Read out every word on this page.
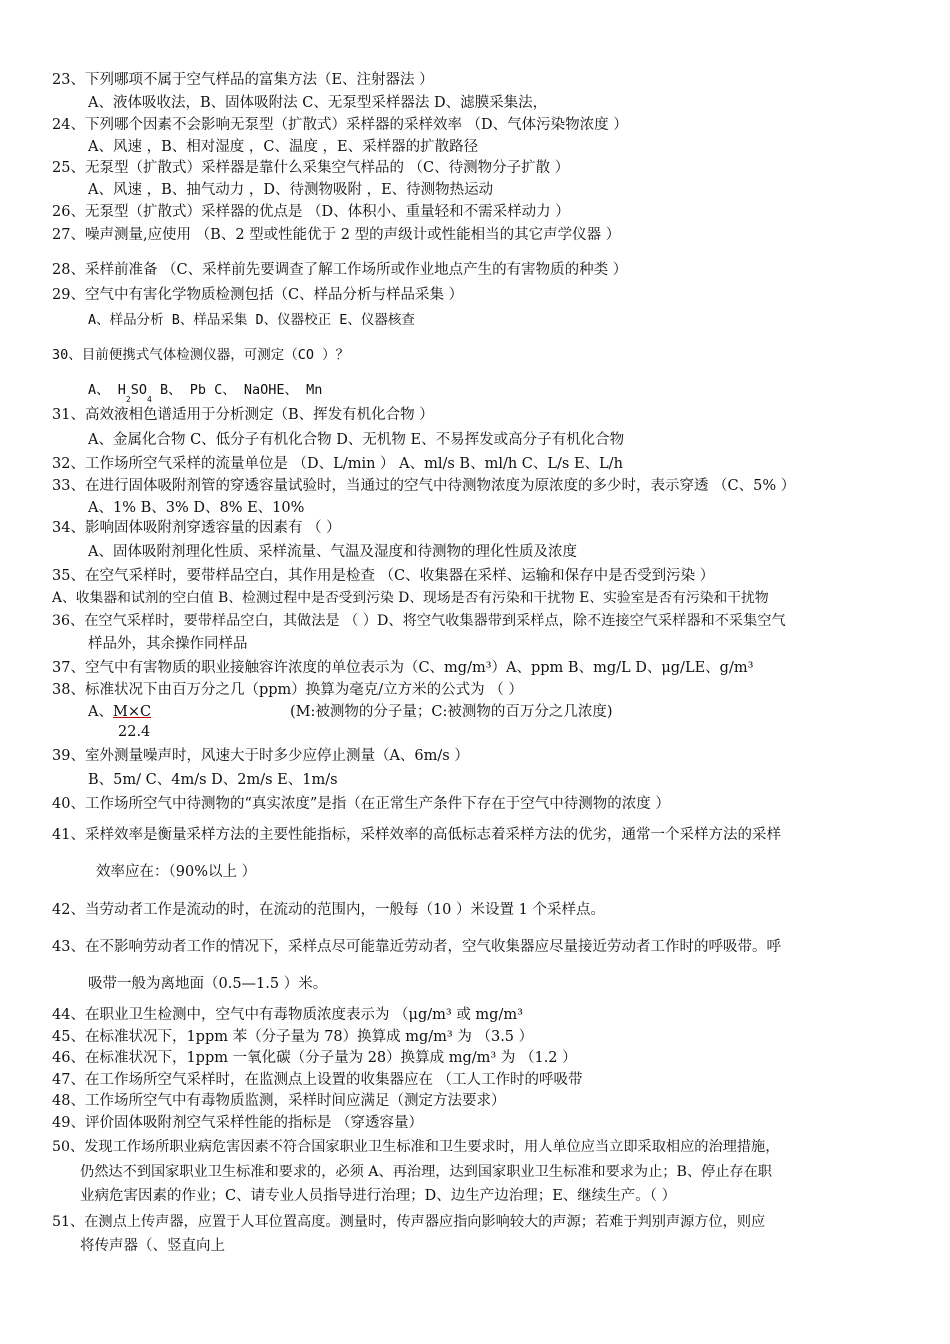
23、下列哪项不属于空气样品的富集方法（E、注射器法 ）
A、液体吸收法，B、固体吸附法 C、无泵型采样器法 D、滤膜采集法，
24、下列哪个因素不会影响无泵型（扩散式）采样器的采样效率 （D、气体污染物浓度 ）
A、风速 ，B、相对湿度 ，C、温度 ，E、采样器的扩散路径
25、无泵型（扩散式）采样器是靠什么采集空气样品的 （C、待测物分子扩散 ）
A、风速 ，B、抽气动力 ，D、待测物吸附 ，E、待测物热运动
26、无泵型（扩散式）采样器的优点是 （D、体积小、重量轻和不需采样动力 ）
27、噪声测量,应使用 （B、2 型或性能优于 2 型的声级计或性能相当的其它声学仪器 ）
28、采样前准备 （C、采样前先要调查了解工作场所或作业地点产生的有害物质的种类 ）
29、空气中有害化学物质检测包括（C、样品分析与样品采集 ）
A、样品分析 B、样品采集 D、仪器校正 E、仪器核查
30、目前便携式气体检测仪器，可测定（CO ）？
A、 $H_2SO_4$ B、 Pb C、 NaOHE、 Mn
31、高效液相色谱适用于分析测定（B、挥发有机化合物 ）
A、金属化合物 C、低分子有机化合物 D、无机物 E、不易挥发或高分子有机化合物
32、工作场所空气采样的流量单位是 （D、L/min ） A、ml/s B、ml/h C、L/s E、L/h
33、在进行固体吸附剂管的穿透容量试验时，当通过的空气中待测物浓度为原浓度的多少时，表示穿透 （C、5% ）
A、1% B、3% D、8% E、10%
34、影响固体吸附剂穿透容量的因素有 （ ）
A、固体吸附剂理化性质、采样流量、气温及湿度和待测物的理化性质及浓度
35、在空气采样时，要带样品空白，其作用是检查 （C、收集器在采样、运输和保存中是否受到污染 ）
A、收集器和试剂的空白值 B、检测过程中是否受到污染 D、现场是否有污染和干扰物 E、实验室是否有污染和干扰物
36、在空气采样时，要带样品空白，其做法是 （ ）D、将空气收集器带到采样点，除不连接空气采样器和不采集空气
样品外，其余操作同样品
37、空气中有害物质的职业接触容许浓度的单位表示为（C、mg/m³）A、ppm B、mg/L D、μg/LE、g/m³
38、标准状况下由百万分之几（ppm）换算为毫克/立方米的公式为 （ ）
A、M×C	(M:被测物的分子量；C:被测物的百万分之几浓度)
22.4
39、室外测量噪声时，风速大于时多少应停止测量（A、6m/s ）
B、5m/ C、4m/s D、2m/s E、1m/s
40、工作场所空气中待测物的“真实浓度”是指（在正常生产条件下存在于空气中待测物的浓度 ）
41、采样效率是衡量采样方法的主要性能指标，采样效率的高低标志着采样方法的优劣，通常一个采样方法的采样
效率应在：（90%以上 ）
42、当劳动者工作是流动的时，在流动的范围内，一般每（10 ）米设置 1 个采样点。
43、在不影响劳动者工作的情况下，采样点尽可能靠近劳动者，空气收集器应尽量接近劳动者工作时的呼吸带。呼
吸带一般为离地面（0.5—1.5 ）米。
44、在职业卫生检测中，空气中有毒物质浓度表示为 （μg/m³ 或 mg/m³
45、在标准状况下，1ppm 苯（分子量为 78）换算成 mg/m³ 为 （3.5 ）
46、在标准状况下，1ppm 一氧化碳（分子量为 28）换算成 mg/m³ 为 （1.2 ）
47、在工作场所空气采样时，在监测点上设置的收集器应在 （工人工作时的呼吸带
48、工作场所空气中有毒物质监测，采样时间应满足（测定方法要求）
49、评价固体吸附剂空气采样性能的指标是 （穿透容量）
50、发现工作场所职业病危害因素不符合国家职业卫生标准和卫生要求时，用人单位应当立即采取相应的治理措施，
仍然达不到国家职业卫生标准和要求的，必须 A、再治理，达到国家职业卫生标准和要求为止；B、停止存在职
业病危害因素的作业；C、请专业人员指导进行治理；D、边生产边治理；E、继续生产。（ ）
51、在测点上传声器，应置于人耳位置高度。测量时，传声器应指向影响较大的声源；若难于判别声源方位，则应
将传声器（、竖直向上
